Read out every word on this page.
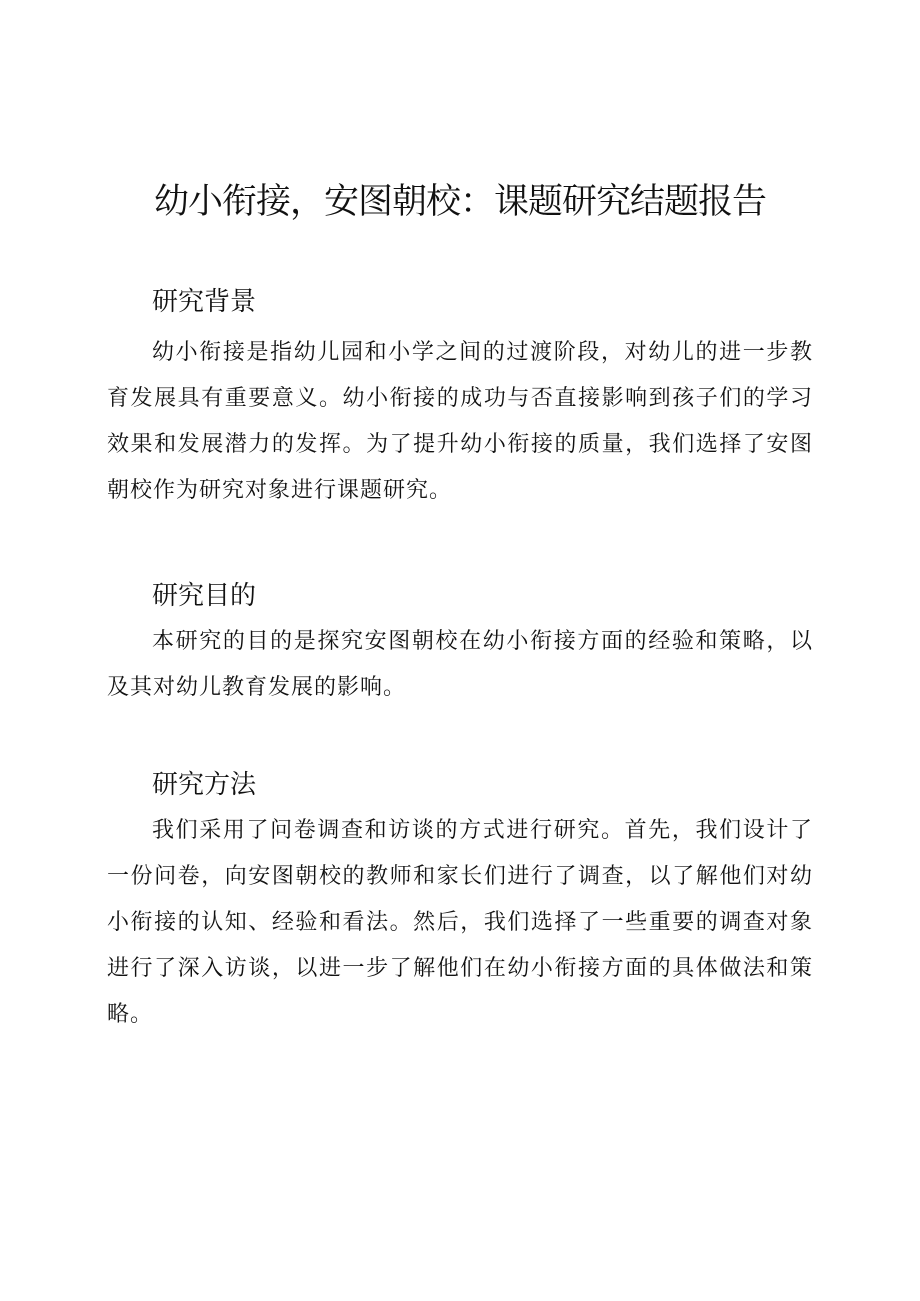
幼小衔接，安图朝校：课题研究结题报告
研究背景

幼小衔接是指幼儿园和小学之间的过渡阶段，对幼儿的进一步教育发展具有重要意义。幼小衔接的成功与否直接影响到孩子们的学习效果和发展潜力的发挥。为了提升幼小衔接的质量，我们选择了安图朝校作为研究对象进行课题研究。

研究目的

本研究的目的是探究安图朝校在幼小衔接方面的经验和策略，以及其对幼儿教育发展的影响。

研究方法

我们采用了问卷调查和访谈的方式进行研究。首先，我们设计了一份问卷，向安图朝校的教师和家长们进行了调查，以了解他们对幼小衔接的认知、经验和看法。然后，我们选择了一些重要的调查对象进行了深入访谈，以进一步了解他们在幼小衔接方面的具体做法和策略。
